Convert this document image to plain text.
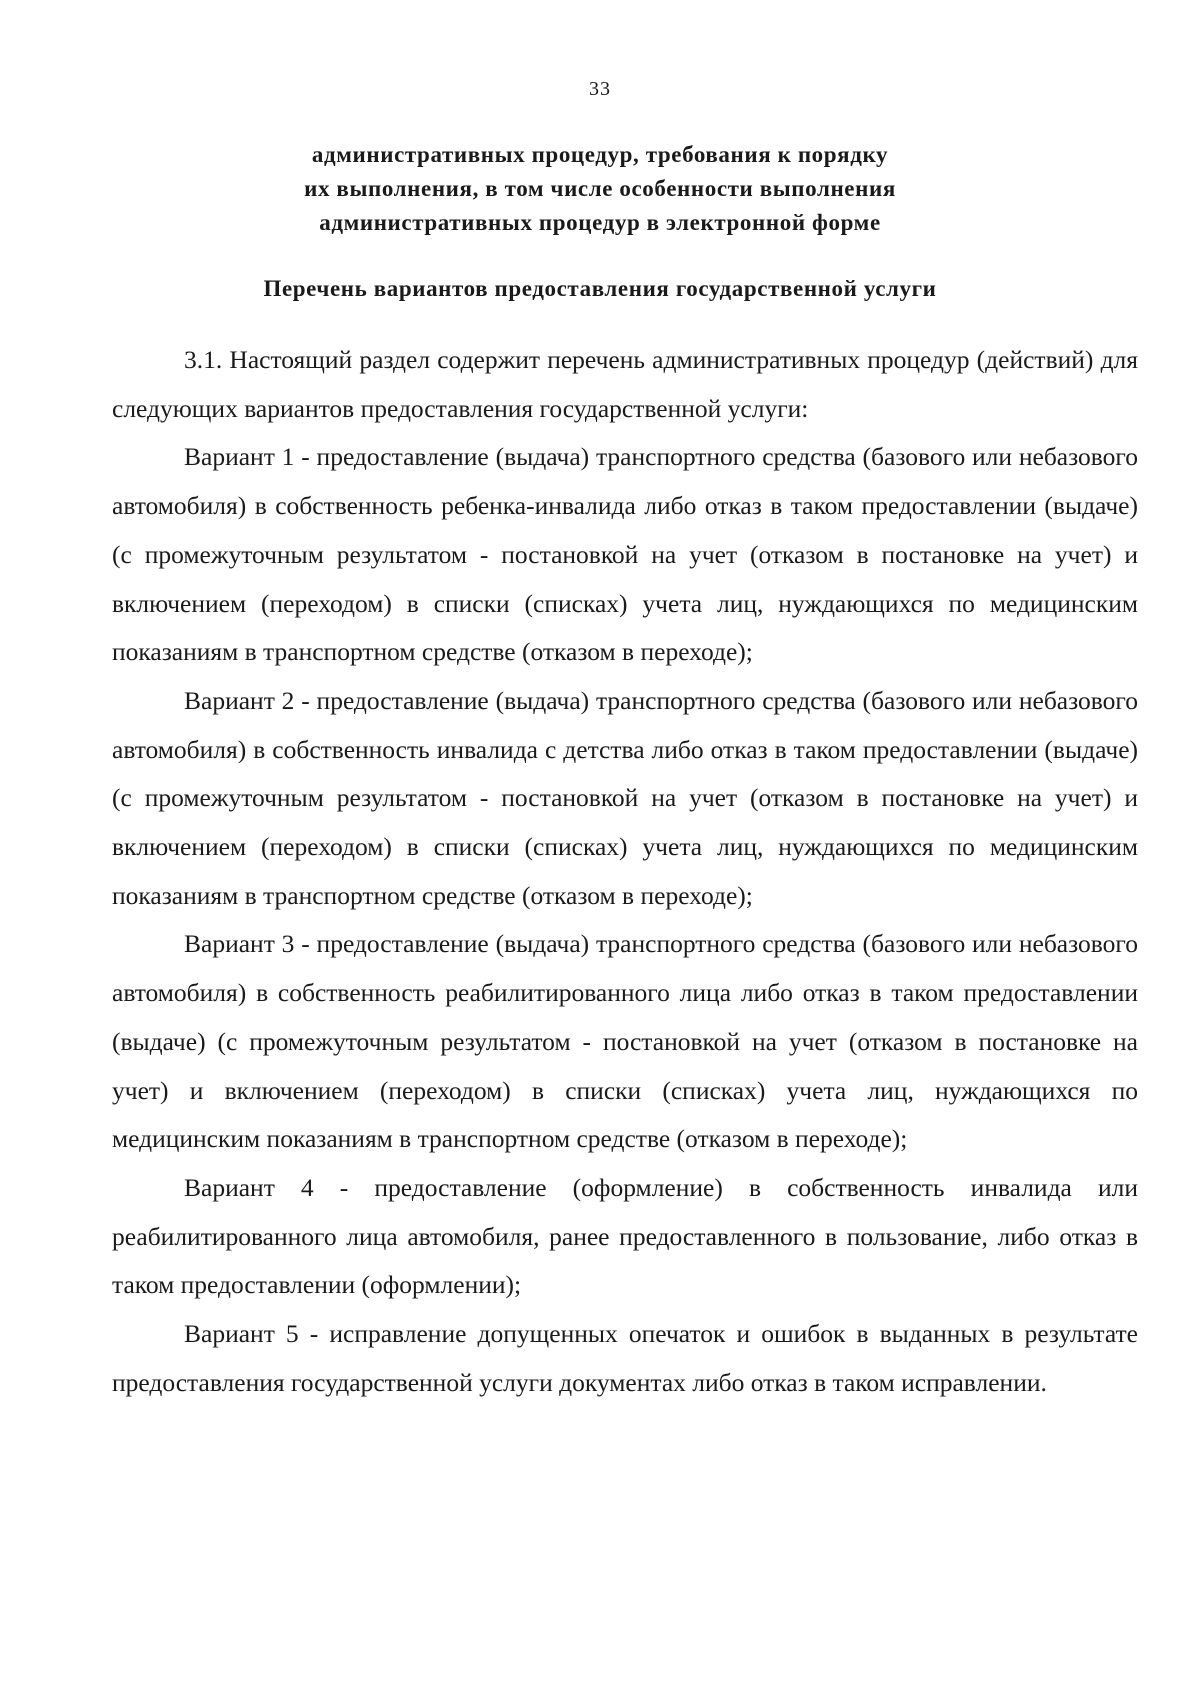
33
административных процедур, требования к порядку
их выполнения, в том числе особенности выполнения
административных процедур в электронной форме
Перечень вариантов предоставления государственной услуги

3.1. Настоящий раздел содержит перечень административных процедур (действий) для следующих вариантов предоставления государственной услуги:

Вариант 1 - предоставление (выдача) транспортного средства (базового или небазового автомобиля) в собственность ребенка-инвалида либо отказ в таком предоставлении (выдаче) (с промежуточным результатом - постановкой на учет (отказом в постановке на учет) и включением (переходом) в списки (списках) учета лиц, нуждающихся по медицинским показаниям в транспортном средстве (отказом в переходе);

Вариант 2 - предоставление (выдача) транспортного средства (базового или небазового автомобиля) в собственность инвалида с детства либо отказ в таком предоставлении (выдаче) (с промежуточным результатом - постановкой на учет (отказом в постановке на учет) и включением (переходом) в списки (списках) учета лиц, нуждающихся по медицинским показаниям в транспортном средстве (отказом в переходе);

Вариант 3 - предоставление (выдача) транспортного средства (базового или небазового автомобиля) в собственность реабилитированного лица либо отказ в таком предоставлении (выдаче) (с промежуточным результатом - постановкой на учет (отказом в постановке на учет) и включением (переходом) в списки (списках) учета лиц, нуждающихся по медицинским показаниям в транспортном средстве (отказом в переходе);

Вариант 4 - предоставление (оформление) в собственность инвалида или реабилитированного лица автомобиля, ранее предоставленного в пользование, либо отказ в таком предоставлении (оформлении);

Вариант 5 - исправление допущенных опечаток и ошибок в выданных в результате предоставления государственной услуги документах либо отказ в таком исправлении.
